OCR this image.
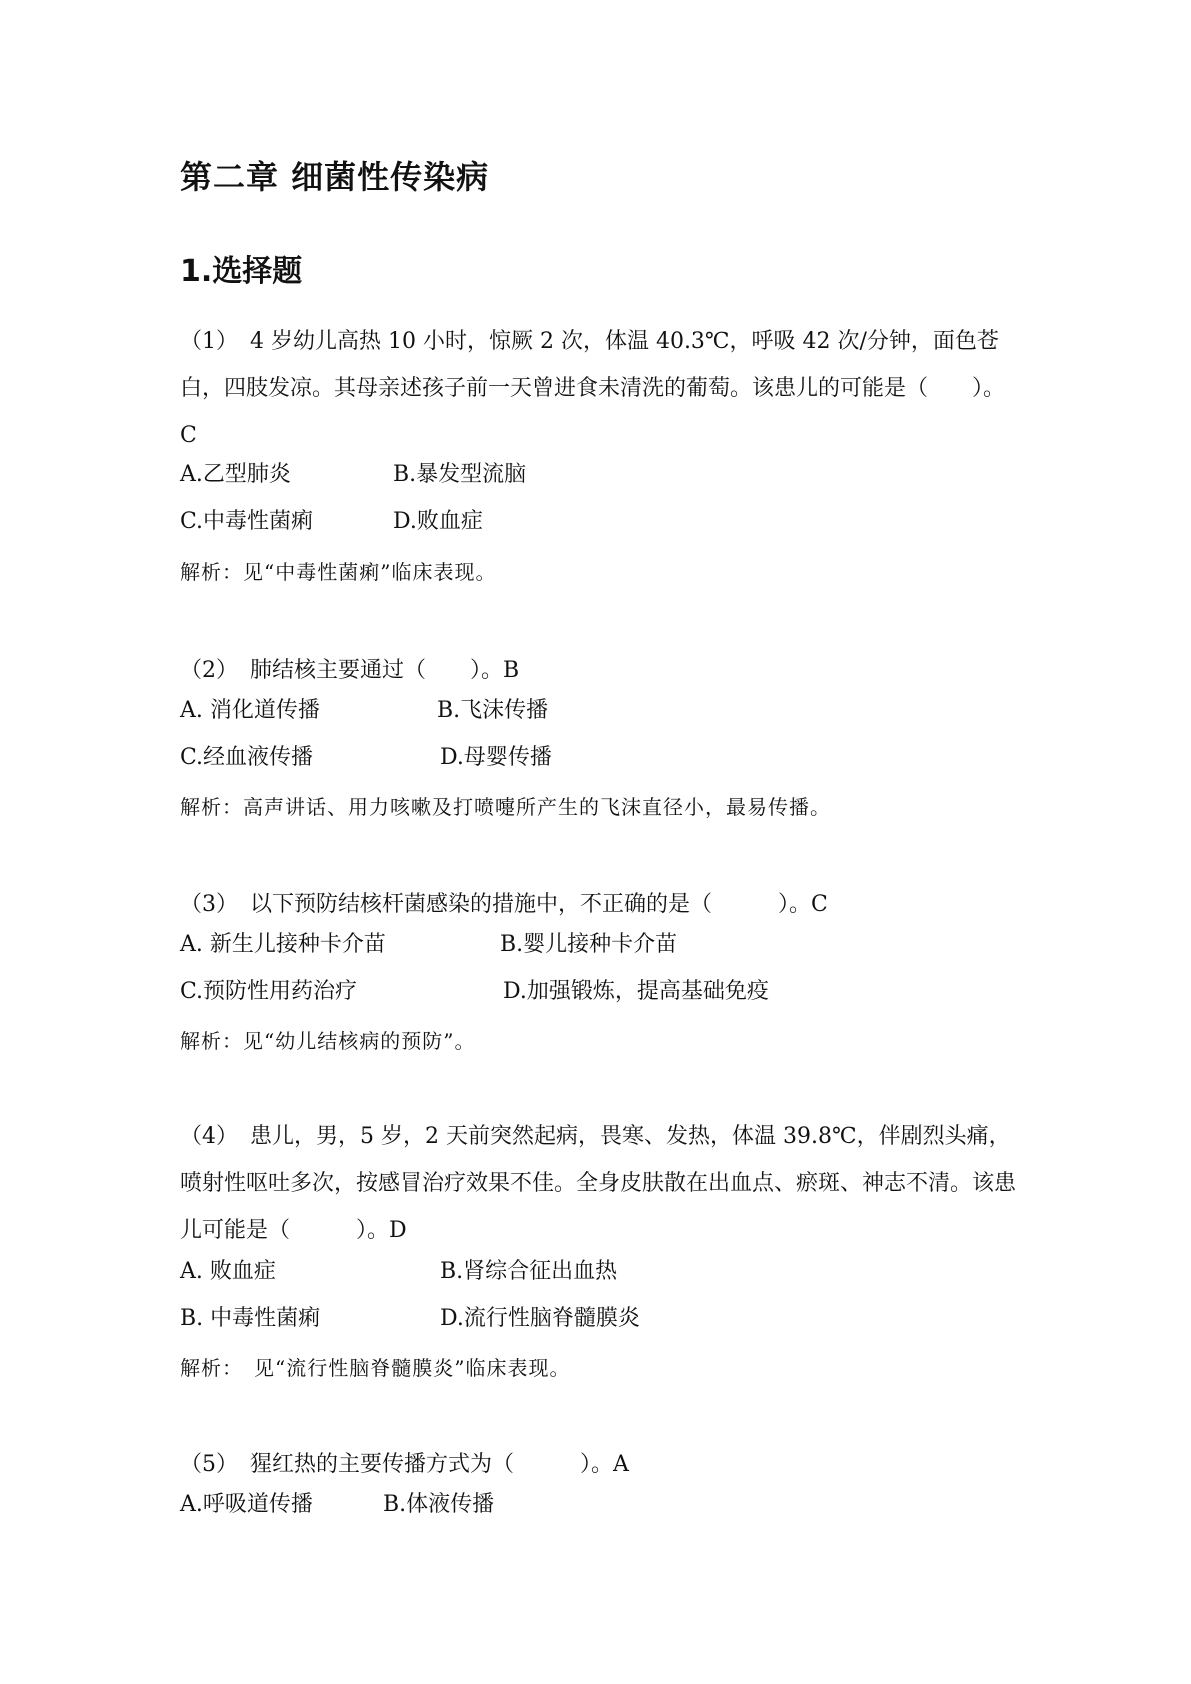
第二章 细菌性传染病
1.选择题
（1） 4 岁幼儿高热 10 小时，惊厥 2 次，体温 40.3℃，呼吸 42 次/分钟，面色苍白，四肢发凉。其母亲述孩子前一天曾进食未清洗的葡萄。该患儿的可能是（　　）。C
A.乙型肺炎	B.暴发型流脑
C.中毒性菌痢	D.败血症
解析：见“中毒性菌痢”临床表现。
（2） 肺结核主要通过（　　）。B
A. 消化道传播	B.飞沫传播
C.经血液传播	D.母婴传播
解析：高声讲话、用力咳嗽及打喷嚏所产生的飞沫直径小，最易传播。
（3） 以下预防结核杆菌感染的措施中，不正确的是（　　　）。C
A. 新生儿接种卡介苗	B.婴儿接种卡介苗
C.预防性用药治疗	D.加强锻炼，提高基础免疫
解析：见“幼儿结核病的预防”。
（4） 患儿，男，5 岁，2 天前突然起病，畏寒、发热，体温 39.8℃，伴剧烈头痛，喷射性呕吐多次，按感冒治疗效果不佳。全身皮肤散在出血点、瘀斑、神志不清。该患儿可能是（　　　）。D
A. 败血症	B.肾综合征出血热
B. 中毒性菌痢	D.流行性脑脊髓膜炎
解析：　见“流行性脑脊髓膜炎”临床表现。
（5） 猩红热的主要传播方式为（　　　）。A
A.呼吸道传播	B.体液传播
